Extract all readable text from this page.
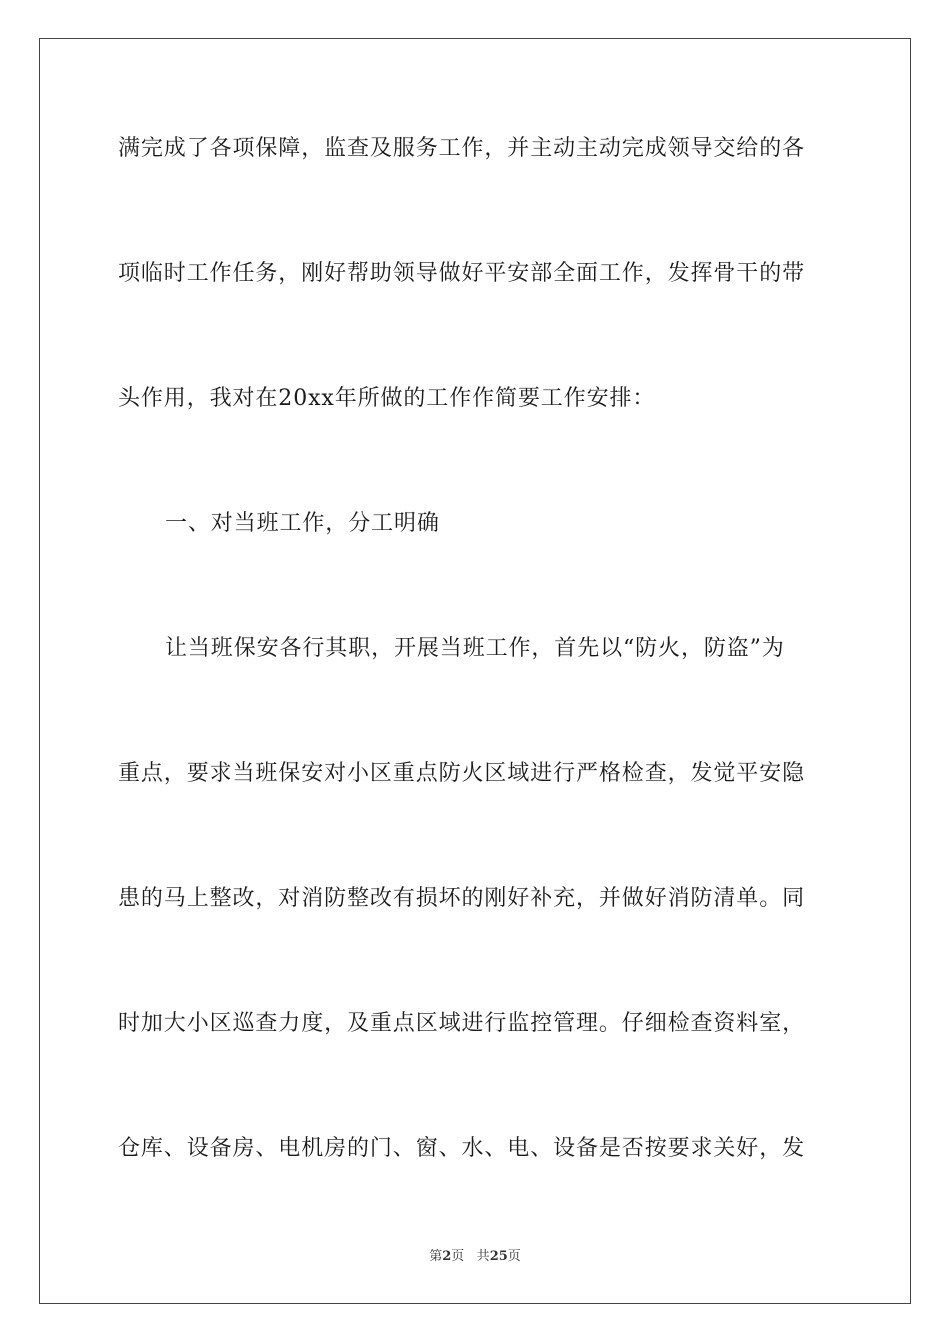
满完成了各项保障，监查及服务工作，并主动主动完成领导交给的各
项临时工作任务，刚好帮助领导做好平安部全面工作，发挥骨干的带
头作用，我对在20xx年所做的工作作简要工作安排：
一、对当班工作，分工明确
让当班保安各行其职，开展当班工作，首先以“防火，防盗”为
重点，要求当班保安对小区重点防火区域进行严格检查，发觉平安隐
患的马上整改，对消防整改有损坏的刚好补充，并做好消防清单。同
时加大小区巡查力度，及重点区域进行监控管理。仔细检查资料室，
仓库、设备房、电机房的门、窗、水、电、设备是否按要求关好，发
第2页 共25页
